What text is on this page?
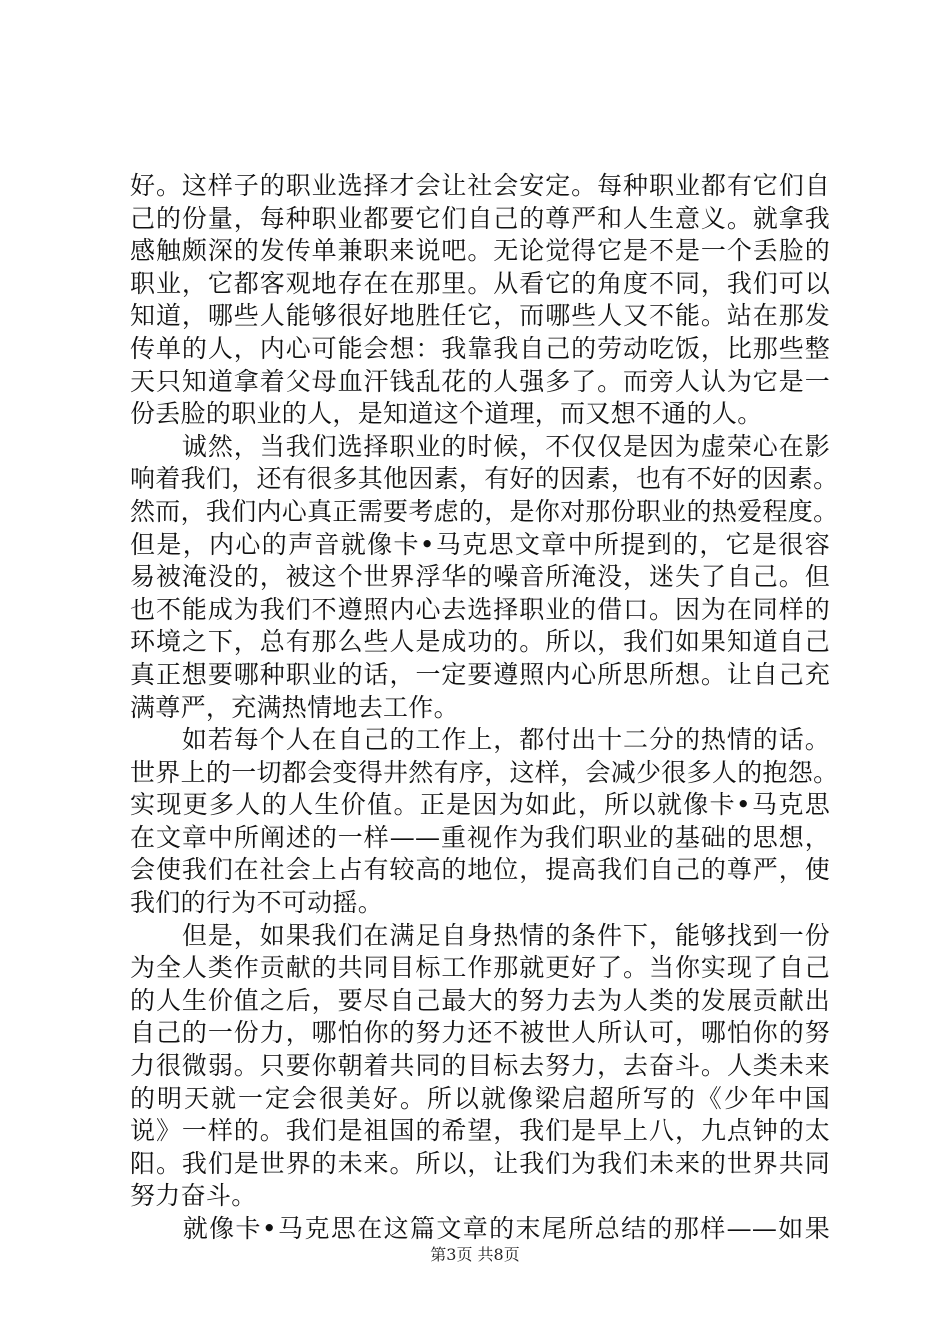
好。这样子的职业选择才会让社会安定。每种职业都有它们自
己的份量，每种职业都要它们自己的尊严和人生意义。就拿我
感触颇深的发传单兼职来说吧。无论觉得它是不是一个丢脸的
职业，它都客观地存在在那里。从看它的角度不同，我们可以
知道，哪些人能够很好地胜任它，而哪些人又不能。站在那发
传单的人，内心可能会想：我靠我自己的劳动吃饭，比那些整
天只知道拿着父母血汗钱乱花的人强多了。而旁人认为它是一
份丢脸的职业的人，是知道这个道理，而又想不通的人。
　　诚然，当我们选择职业的时候，不仅仅是因为虚荣心在影
响着我们，还有很多其他因素，有好的因素，也有不好的因素。
然而，我们内心真正需要考虑的，是你对那份职业的热爱程度。
但是，内心的声音就像卡•马克思文章中所提到的，它是很容
易被淹没的，被这个世界浮华的噪音所淹没，迷失了自己。但
也不能成为我们不遵照内心去选择职业的借口。因为在同样的
环境之下，总有那么些人是成功的。所以，我们如果知道自己
真正想要哪种职业的话，一定要遵照内心所思所想。让自己充
满尊严，充满热情地去工作。
　　如若每个人在自己的工作上，都付出十二分的热情的话。
世界上的一切都会变得井然有序，这样，会减少很多人的抱怨。
实现更多人的人生价值。正是因为如此，所以就像卡•马克思
在文章中所阐述的一样——重视作为我们职业的基础的思想，
会使我们在社会上占有较高的地位，提高我们自己的尊严，使
我们的行为不可动摇。
　　但是，如果我们在满足自身热情的条件下，能够找到一份
为全人类作贡献的共同目标工作那就更好了。当你实现了自己
的人生价值之后，要尽自己最大的努力去为人类的发展贡献出
自己的一份力，哪怕你的努力还不被世人所认可，哪怕你的努
力很微弱。只要你朝着共同的目标去努力，去奋斗。人类未来
的明天就一定会很美好。所以就像梁启超所写的《少年中国
说》一样的。我们是祖国的希望，我们是早上八，九点钟的太
阳。我们是世界的未来。所以，让我们为我们未来的世界共同
努力奋斗。
　　就像卡•马克思在这篇文章的末尾所总结的那样——如果
第3页 共8页
